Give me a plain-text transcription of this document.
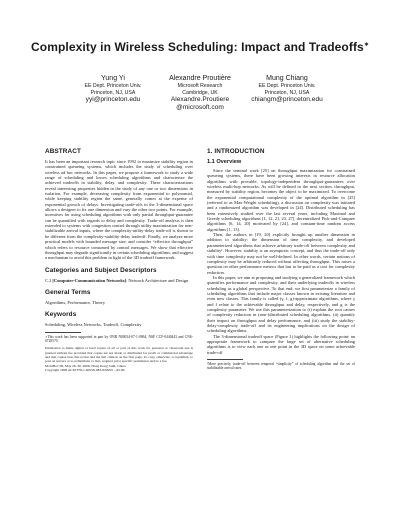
Complexity in Wireless Scheduling: Impact and Tradeoffs∗
Yung Yi
EE Dept. Princeton Univ.
Princeton, NJ, USA
yyi@princeton.edu
Alexandre Proutière
Microsoft Research
Cambridge, UK
Alexandre.Proutiere
@microsoft.com
Mung Chiang
EE Dept. Princeton Univ.
Princeton, NJ, USA
chiangm@princeton.edu
ABSTRACT

It has been an important research topic since 1992 to maximize stability region in constrained queueing systems, which includes the study of scheduling over wireless ad hoc networks. In this paper, we propose a framework to study a wide range of scheduling and losses scheduling algorithms and characterize the achieved tradeoffs in stability, delay, and complexity. These characterizations reveal interesting properties hidden in the study of any one or two dimensions in isolation. For example, decreasing complexity from exponential to polynomial, while keeping stability region the same, generally comes at the expense of exponential growth of delays. Investigating trade-offs in the 3-dimensional space allows a designer to fix one dimension and vary the other two points. For example, incentives for using scheduling algorithms with only partial throughput-guarantee can be quantified with regards to delay and complexity. Trade-off analysis is then extended to systems with congestion control through utility maximization for non-stabilizable arrival inputs, where the complexity-utility-delay trade-off is shown to be different from the complexity-stability-delay tradeoff. Finally, we analyze more practical models with bounded message size, and consider “effective throughput” which refers to resource consumed by control messages. We show that effective throughput may degrade significantly in certain scheduling algorithms, and suggest a mechanism to avoid this problem in light of the 3D tradeoff framework.

Categories and Subject Descriptors

C.2 [Computer-Communication Networks]: Network Architecture and Design

General Terms

Algorithms, Performance, Theory

Keywords

Scheduling, Wireless Networks, Tradeoff, Complexity

∗This work has been supported in part by ONR N00014-07-1-0864, NSF CCF-0440443 and CNS-0720570.

Permission to make digital or hard copies of all or part of this work for personal or classroom use is granted without fee provided that copies are not made or distributed for profit or commercial advantage and that copies bear this notice and the full citation on the first page. To copy otherwise, to republish, to post on servers or to redistribute to lists, requires prior specific permission and/or a fee.

MobiHoc’08, May 26–30, 2008, Hong Kong SAR, China.

Copyright 2008 ACM 978-1-60558-083-8/08/05 ...$5.00.

1. INTRODUCTION
1.1 Overview

Since the seminal work [25] on throughput maximization for constrained queueing systems, there have been growing interests in resource allocation algorithms with provable, topology-independent throughput-guarantees over wireless multi-hop networks. As will be defined in the next section, throughput, measured by stability region, becomes the object to be maximized. To overcome the exponential computational complexity of the optimal algorithm in [25] (referred to as Max-Weight scheduling), a discussion on complexity was initiated and a randomized algorithm was developed in [24]. Distributed scheduling has been extensively studied over the last several years, including Maximal and Greedy scheduling algorithms [1, 12, 21, 23, 27], decentralized Pick-and-Compare algorithms [6, 14, 20] motivated by [24], and constant-time random access algorithms [1, 13].

Then, the authors in [19, 20] explicitly brought up another dimension in addition to stability: the dimension of time complexity, and developed parameterized algorithms that achieve arbitrary trade-off between complexity and stability¹. However, stability is an asymptotic concept, and thus the trade-off only with time complexity may not be well-defined. In other words, certain notions of complexity may be arbitrarily reduced without affecting throughput. This raises a question on other performance metrics that has to be paid as a cost for complexity reduction.

In this paper, we aim at proposing and studying a generalized framework which quantifies performance and complexity, and their underlying tradeoffs in wireless scheduling as a global perspective. To that end, we first parameterize a family of scheduling algorithms that include major classes known in existing literature and even new classes. This family is called (γ, f, g)-approximate algorithms, where γ and f relate to the achievable throughput and delay, respectively, and g is the complexity parameter. We use this parameterization to (i) explain the root causes of complexity reduction in (non-)distributed scheduling algorithms, (ii) quantify their impact on throughput and delay performance, and (iii) study the stability-delay-complexity trade-off and its engineering implications on the design of scheduling algorithms.

The 3-dimensional tradeoff space (Figure 1) highlights the following point: an appropriate framework to compare the large set of alternative scheduling algorithms is to view each one as one point in the 3D space on some achievable trade-off

¹More precisely, trade-off between temporal “simplicity” of scheduling algorithm and the set of stabilizable arrival rates.
